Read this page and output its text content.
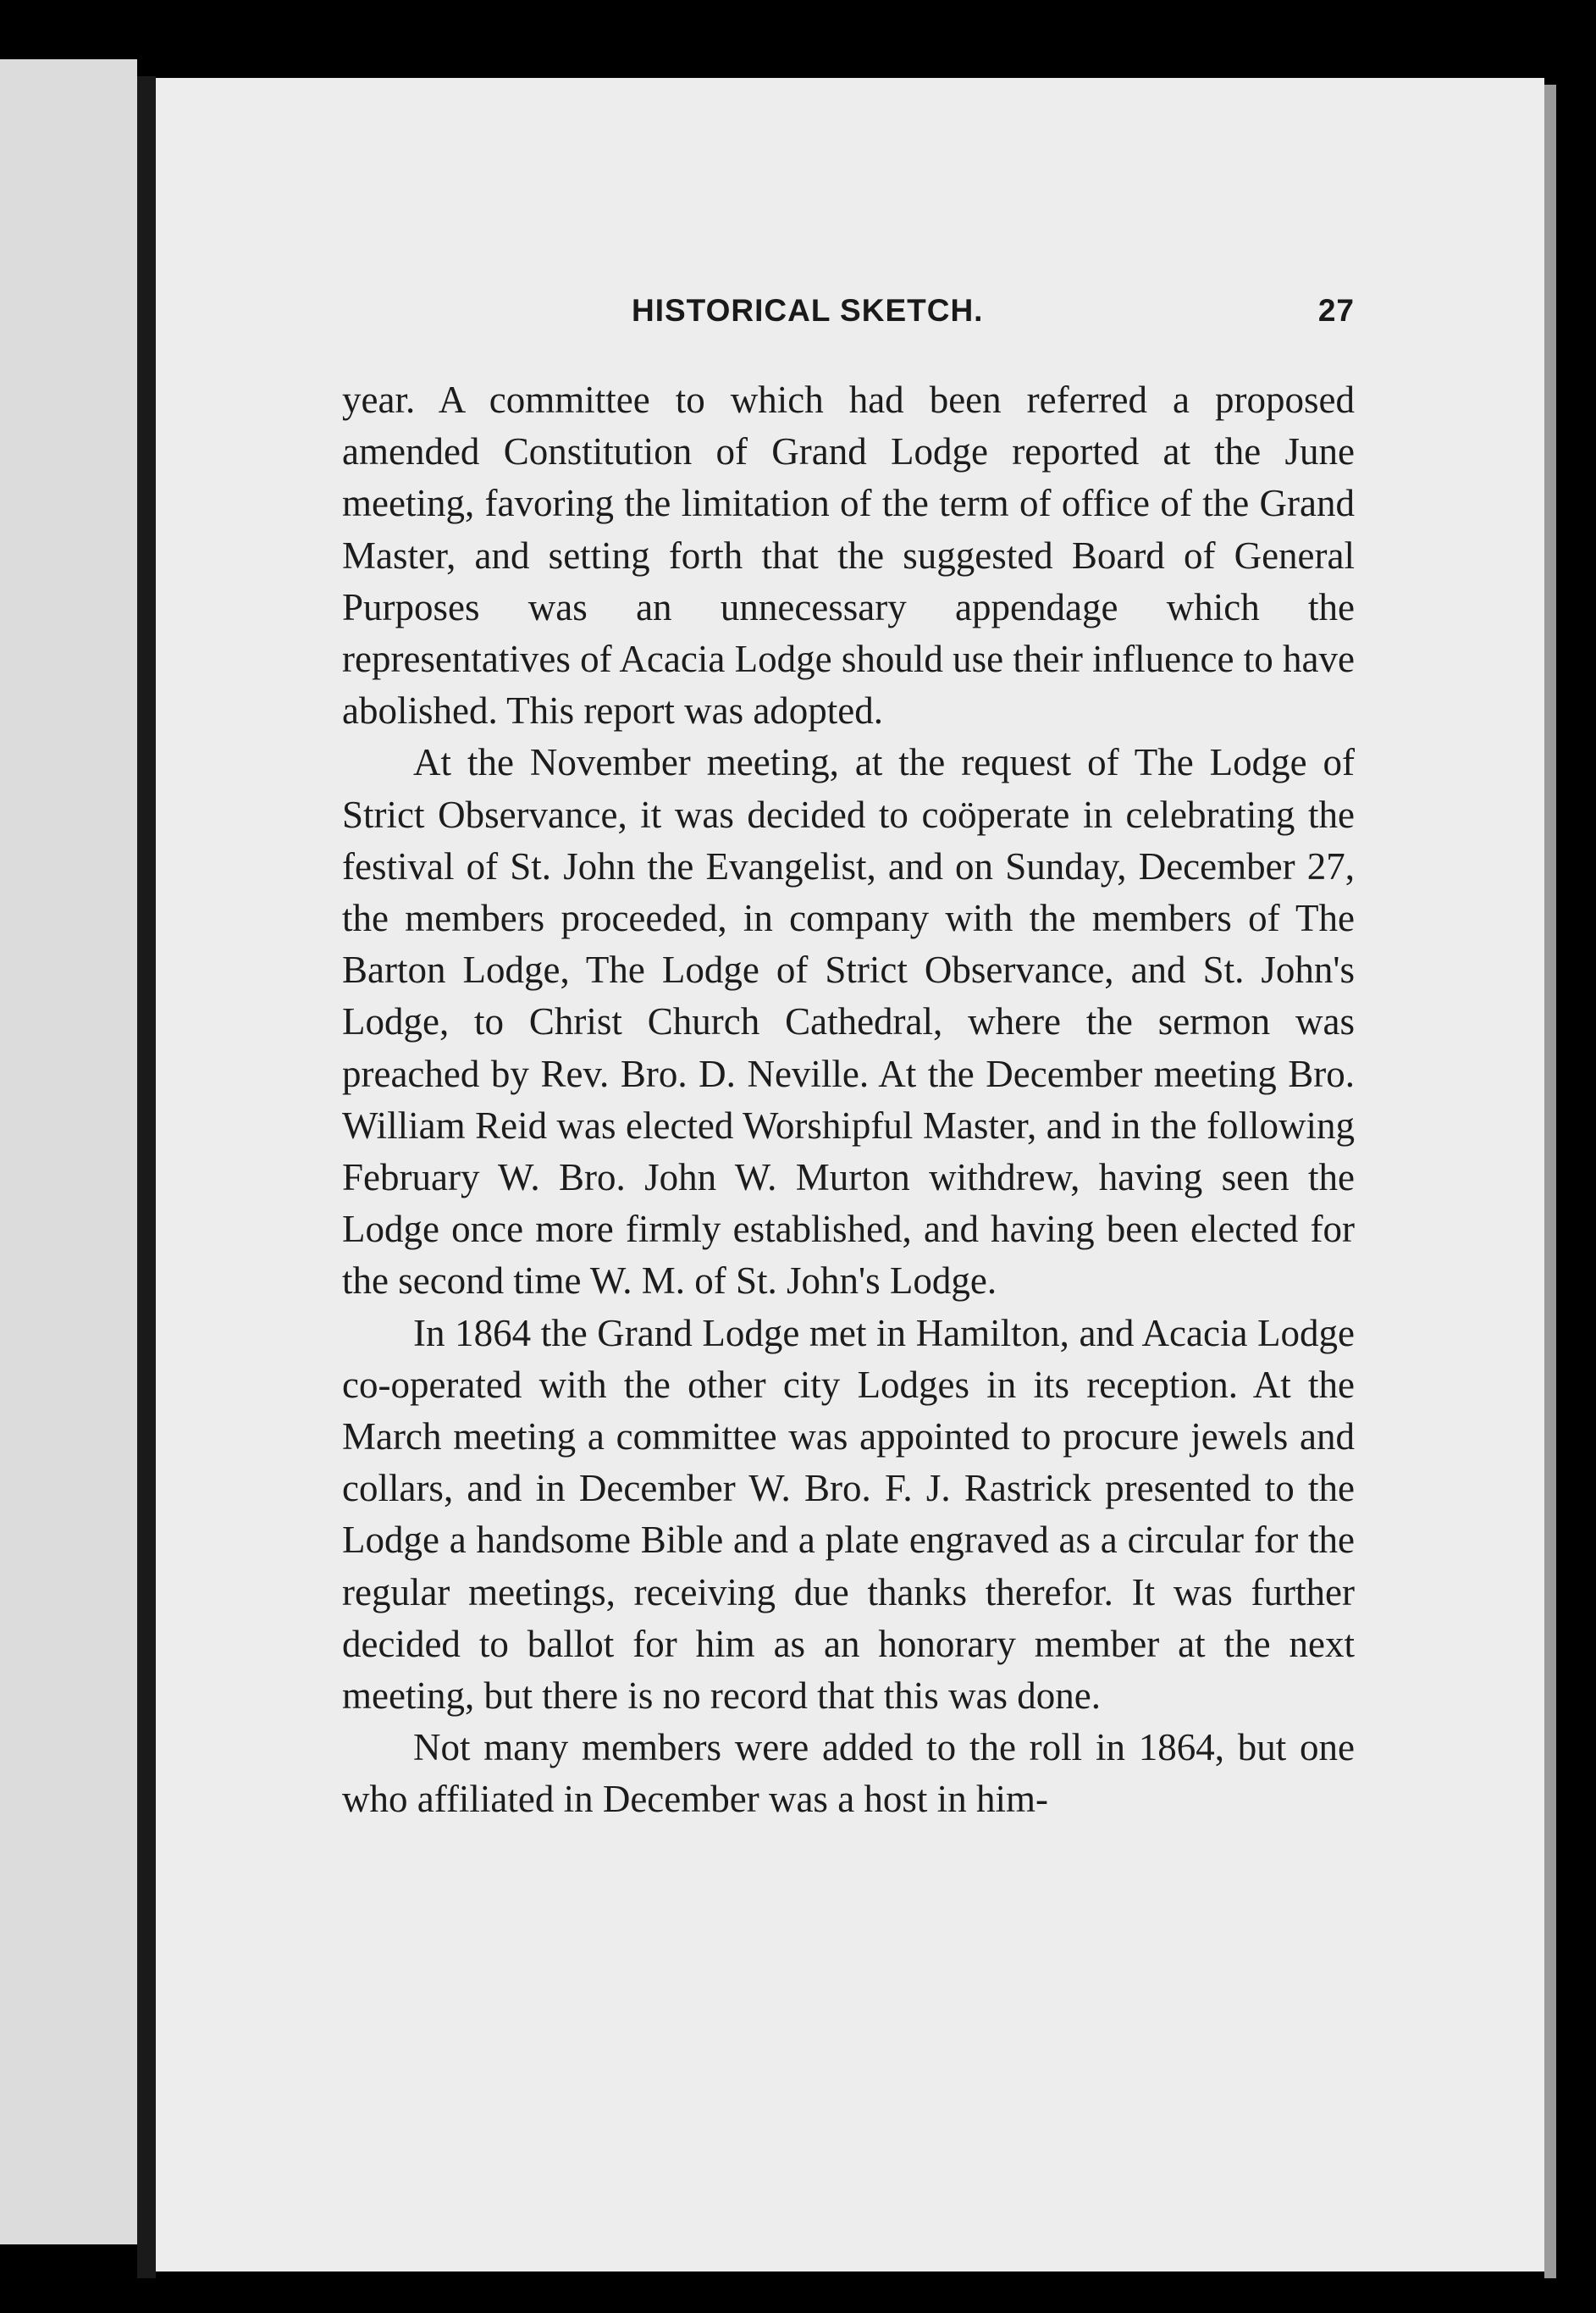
HISTORICAL SKETCH.	27

year. A committee to which had been referred a proposed amended Constitution of Grand Lodge reported at the June meeting, favoring the limitation of the term of office of the Grand Master, and setting forth that the suggested Board of General Purposes was an unnecessary appendage which the representatives of Acacia Lodge should use their influence to have abolished. This report was adopted.

At the November meeting, at the request of The Lodge of Strict Observance, it was decided to coöperate in celebrating the festival of St. John the Evangelist, and on Sunday, December 27, the members proceeded, in company with the members of The Barton Lodge, The Lodge of Strict Observance, and St. John's Lodge, to Christ Church Cathedral, where the sermon was preached by Rev. Bro. D. Neville. At the December meeting Bro. William Reid was elected Worshipful Master, and in the following February W. Bro. John W. Murton withdrew, having seen the Lodge once more firmly established, and having been elected for the second time W. M. of St. John's Lodge.

In 1864 the Grand Lodge met in Hamilton, and Acacia Lodge co-operated with the other city Lodges in its reception. At the March meeting a committee was appointed to procure jewels and collars, and in December W. Bro. F. J. Rastrick presented to the Lodge a handsome Bible and a plate engraved as a circular for the regular meetings, receiving due thanks therefor. It was further decided to ballot for him as an honorary member at the next meeting, but there is no record that this was done.

Not many members were added to the roll in 1864, but one who affiliated in December was a host in him-
